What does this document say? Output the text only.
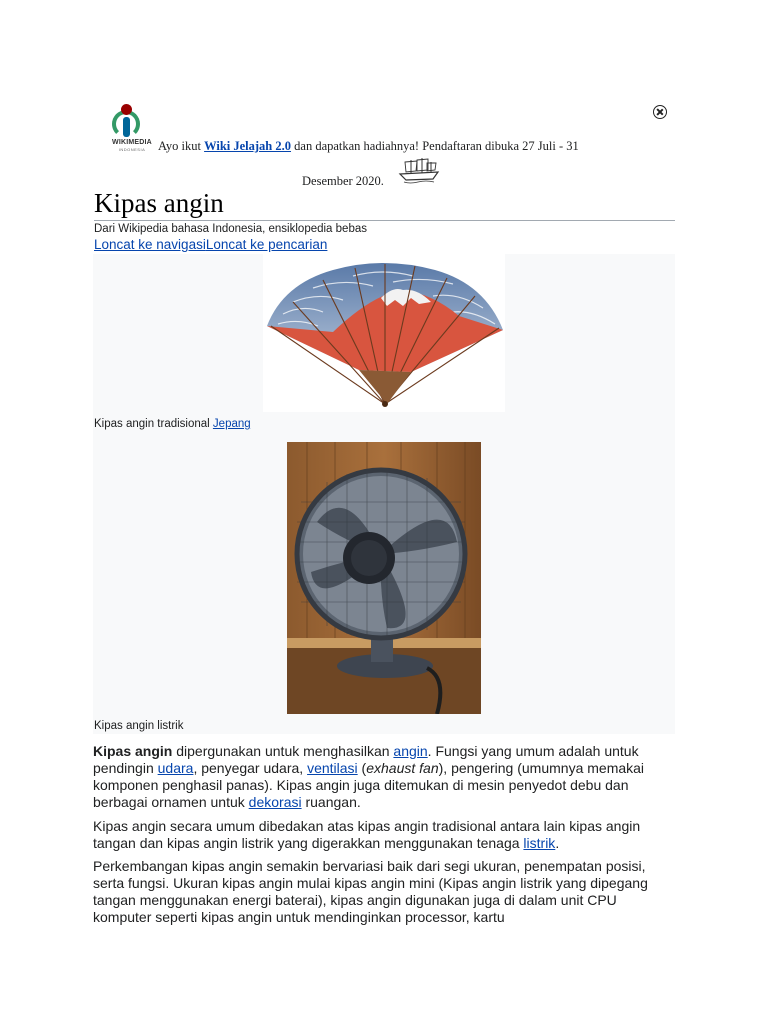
WIKIMEDIA
INDONESIA	Ayo ikut Wiki Jelajah 2.0 dan dapatkan hadiahnya! Pendaftaran dibuka 27 Juli - 31
Desember 2020.
Kipas angin
Dari Wikipedia bahasa Indonesia, ensiklopedia bebas
Loncat ke navigasiLoncat ke pencarian
Kipas angin tradisional Jepang
Kipas angin listrik

Kipas angin dipergunakan untuk menghasilkan angin. Fungsi yang umum adalah untuk pendingin udara, penyegar udara, ventilasi (exhaust fan), pengering (umumnya memakai komponen penghasil panas). Kipas angin juga ditemukan di mesin penyedot debu dan berbagai ornamen untuk dekorasi ruangan.

Kipas angin secara umum dibedakan atas kipas angin tradisional antara lain kipas angin tangan dan kipas angin listrik yang digerakkan menggunakan tenaga listrik.

Perkembangan kipas angin semakin bervariasi baik dari segi ukuran, penempatan posisi, serta fungsi. Ukuran kipas angin mulai kipas angin mini (Kipas angin listrik yang dipegang tangan menggunakan energi baterai), kipas angin digunakan juga di dalam unit CPU komputer seperti kipas angin untuk mendinginkan processor, kartu
